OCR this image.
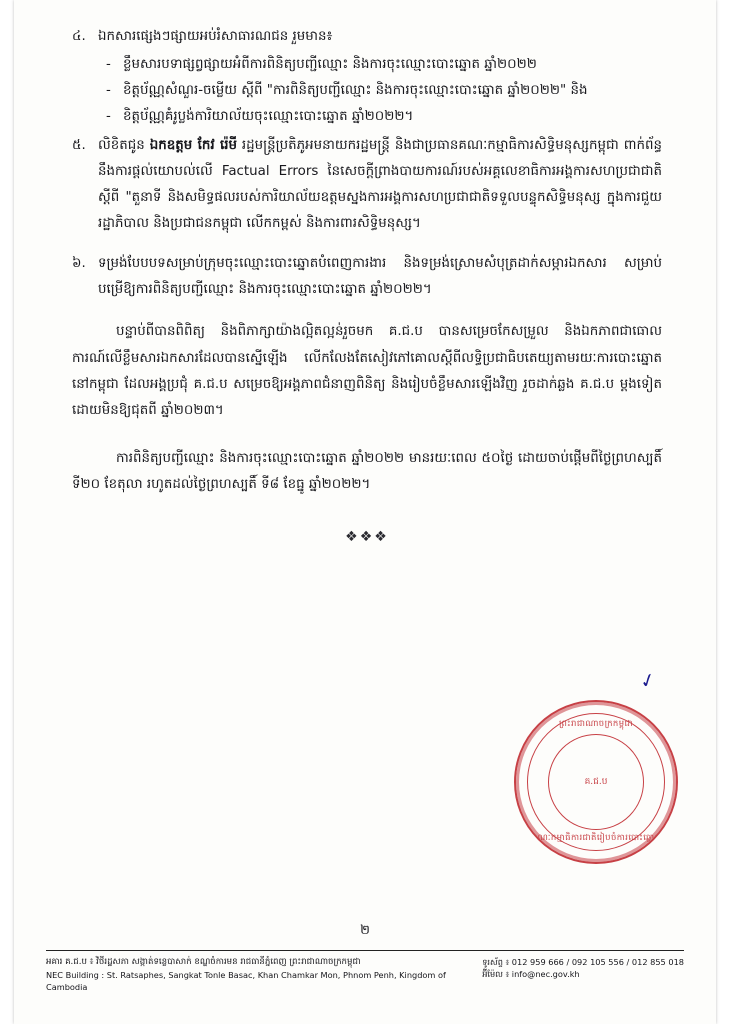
៤. ឯកសារផ្សេងៗផ្សាយអប់រំសាធារណជន រួមមាន៖
- ខ្លឹមសារបទាផ្សព្វផ្សាយអំពីការពិនិត្យបញ្ជីឈ្មោះ និងការចុះឈ្មោះបោះឆ្នោត ឆ្នាំ២០២២
- ខិត្តប័ណ្ណសំណួរ-ចម្លើយ ស្ដីពី "ការពិនិត្យបញ្ជីឈ្មោះ និងការចុះឈ្មោះបោះឆ្នោត ឆ្នាំ២០២២" និង
- ខិត្តប័ណ្ណគំរូប្លង់ការិយាល័យចុះឈ្មោះបោះឆ្នោត ឆ្នាំ២០២២។
៥. លិខិតជូន ឯកឧត្តម កែវ រ៉េមី រដ្ឋមន្ត្រីប្រតិភូអមនាយករដ្ឋមន្ត្រី និងជាប្រធានគណៈកម្មាធិការសិទ្ធិមនុស្សកម្ពុជា ពាក់ព័ន្ធនឹងការផ្ដល់យោបល់លើ Factual Errors នៃសេចក្ដីព្រាងបាយការណ៍របស់អគ្គលេខាធិការអង្គការសហប្រជាជាតិ ស្ដីពី "តួនាទី និងសមិទ្ធផលរបស់ការិយាល័យឧត្តមស្នងការអង្គការសហប្រជាជាតិទទួលបន្ទុកសិទ្ធិមនុស្ស ក្នុងការជួយរដ្ឋាភិបាល និងប្រជាជនកម្ពុជា លើកកម្ពស់ និងការពារសិទ្ធិមនុស្ស។
៦. ទម្រង់បែបបទសម្រាប់ក្រុមចុះឈ្មោះបោះឆ្នោតបំពេញការងារ និងទម្រង់ស្រោមសំបុត្រដាក់សម្ភារឯកសារ សម្រាប់បម្រើឱ្យការពិនិត្យបញ្ជីឈ្មោះ និងការចុះឈ្មោះបោះឆ្នោត ឆ្នាំ២០២២។
បន្ទាប់ពីបានពិពិត្យ និងពិភាក្សាយ៉ាងល្អិតល្អន់រួចមក គ.ជ.ប បានសម្រេចកែសម្រួល និងឯកភាពជាធោលការណ៍លើខ្លឹមសារឯកសារដែលបានស្នើឡើង លើកលែងតែសៀវភៅគោលស្ដីពីលទ្ធិប្រជាធិបតេយ្យតាមរយៈការបោះឆ្នោតនៅកម្ពុជា ដែលអង្គប្រជុំ គ.ជ.ប សម្រេចឱ្យអង្គភាពជំនាញពិនិត្យ និងរៀបចំខ្លឹមសារឡើងវិញ រួចដាក់ឆ្លង គ.ជ.ប ម្ដងទៀត ដោយមិនឱ្យជុតពី ឆ្នាំ២០២៣។
ការពិនិត្យបញ្ជីឈ្មោះ និងការចុះឈ្មោះបោះឆ្នោត ឆ្នាំ២០២២ មានរយៈពេល ៥០ថ្ងៃ ដោយចាប់ផ្ដើមពីថ្ងៃព្រហស្បតិ៍ ទី២០ ខែតុលា រហូតដល់ថ្ងៃព្រហស្បតិ៍ ទី៨ ខែធ្នូ ឆ្នាំ២០២២។
❖❖❖
ព្រះរាជាណាចក្រកម្ពុជា
គ.ជ.ប
គណៈកម្មាធិការជាតិរៀបចំការបោះឆ្នោត
✓
២
អគារ គ.ជ.ប ៖ វិថីរដ្ឋសភា សង្កាត់ទន្លេបាសាក់ ខណ្ឌចំការមន រាជធានីភ្នំពេញ ព្រះរាជាណាចក្រកម្ពុជា
NEC Building : St. Ratsaphes, Sangkat Tonle Basac, Khan Chamkar Mon, Phnom Penh, Kingdom of Cambodia
ទូរស័ព្ទ ៖ 012 959 666 / 092 105 556 / 012 855 018
អ៊ីម៉ែល ៖ info@nec.gov.kh
